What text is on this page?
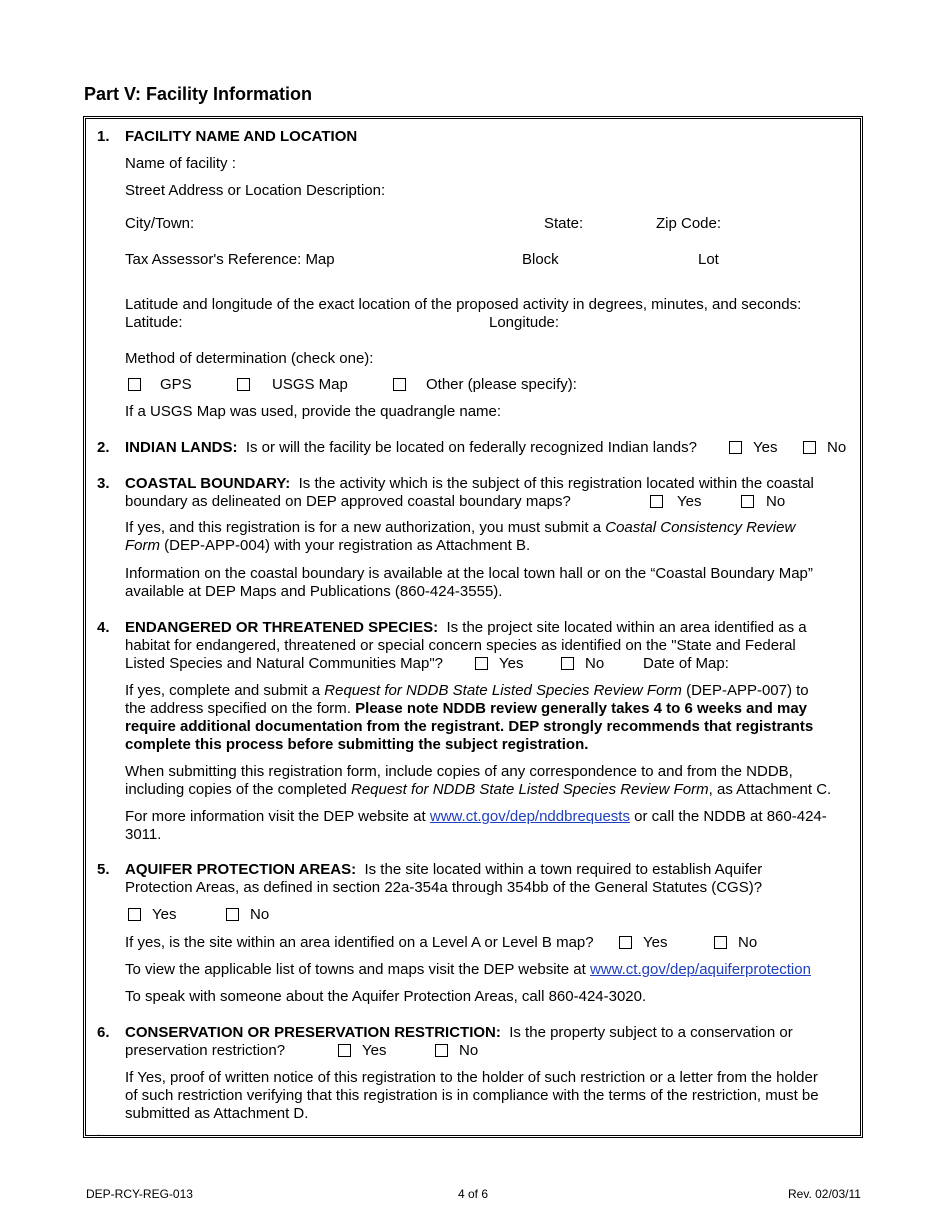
Part V: Facility Information
1. FACILITY NAME AND LOCATION
Name of facility :
Street Address or Location Description:
City/Town:	State:	Zip Code:
Tax Assessor's Reference: Map	Block	Lot
Latitude and longitude of the exact location of the proposed activity in degrees, minutes, and seconds:
Latitude:	Longitude:
Method of determination (check one):
GPS	USGS Map	Other (please specify):
If a USGS Map was used, provide the quadrangle name:
2. INDIAN LANDS: Is or will the facility be located on federally recognized Indian lands?	Yes	No
3. COASTAL BOUNDARY: Is the activity which is the subject of this registration located within the coastal
boundary as delineated on DEP approved coastal boundary maps?	Yes	No
If yes, and this registration is for a new authorization, you must submit a Coastal Consistency Review
Form (DEP-APP-004) with your registration as Attachment B.
Information on the coastal boundary is available at the local town hall or on the “Coastal Boundary Map”
available at DEP Maps and Publications (860-424-3555).
4. ENDANGERED OR THREATENED SPECIES: Is the project site located within an area identified as a
habitat for endangered, threatened or special concern species as identified on the "State and Federal
Listed Species and Natural Communities Map"?	Yes	No	Date of Map:
If yes, complete and submit a Request for NDDB State Listed Species Review Form (DEP-APP-007) to
the address specified on the form. Please note NDDB review generally takes 4 to 6 weeks and may
require additional documentation from the registrant. DEP strongly recommends that registrants
complete this process before submitting the subject registration.
When submitting this registration form, include copies of any correspondence to and from the NDDB,
including copies of the completed Request for NDDB State Listed Species Review Form, as Attachment C.
For more information visit the DEP website at www.ct.gov/dep/nddbrequests or call the NDDB at 860-424-
3011.
5. AQUIFER PROTECTION AREAS: Is the site located within a town required to establish Aquifer
Protection Areas, as defined in section 22a-354a through 354bb of the General Statutes (CGS)?
Yes	No
If yes, is the site within an area identified on a Level A or Level B map?	Yes	No
To view the applicable list of towns and maps visit the DEP website at www.ct.gov/dep/aquiferprotection
To speak with someone about the Aquifer Protection Areas, call 860-424-3020.
6. CONSERVATION OR PRESERVATION RESTRICTION: Is the property subject to a conservation or
preservation restriction?	Yes	No
If Yes, proof of written notice of this registration to the holder of such restriction or a letter from the holder
of such restriction verifying that this registration is in compliance with the terms of the restriction, must be
submitted as Attachment D.
.
DEP-RCY-REG-013	4 of 6	Rev. 02/03/11
